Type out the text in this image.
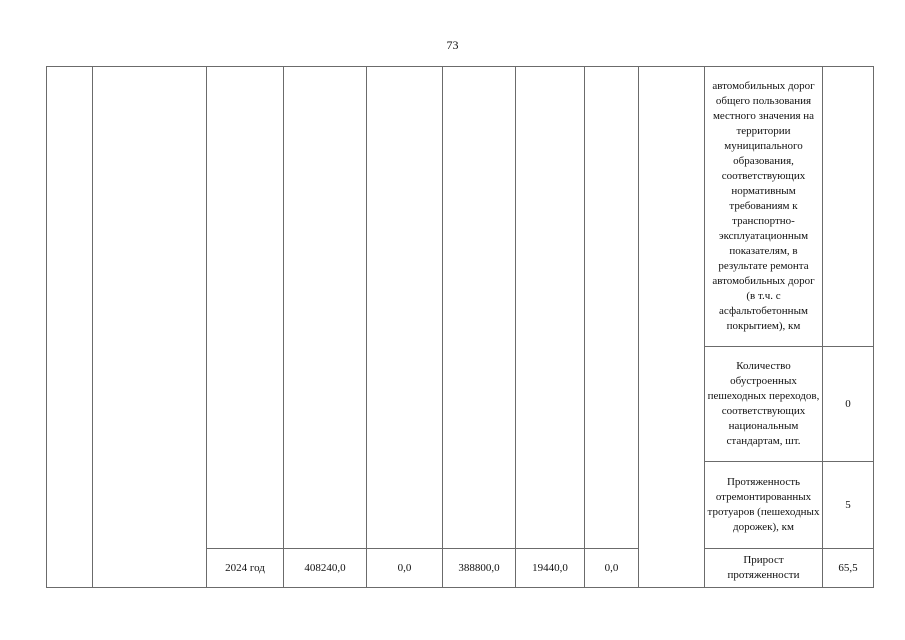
73
									автомобильных дорог общего пользования местного значения на территории муниципального образования, соответствующих нормативным требованиям к транспортно-эксплуатационным показателям, в результате ремонта автомобильных дорог (в т.ч. с асфальтобетонным покрытием), км	
									Количество обустроенных пешеходных переходов, соответствующих национальным стандартам, шт.	0
									Протяженность отремонтированных тротуаров (пешеходных дорожек), км	5
		2024 год	408240,0	0,0	388800,0	19440,0	0,0		Прирост протяженности	65,5
